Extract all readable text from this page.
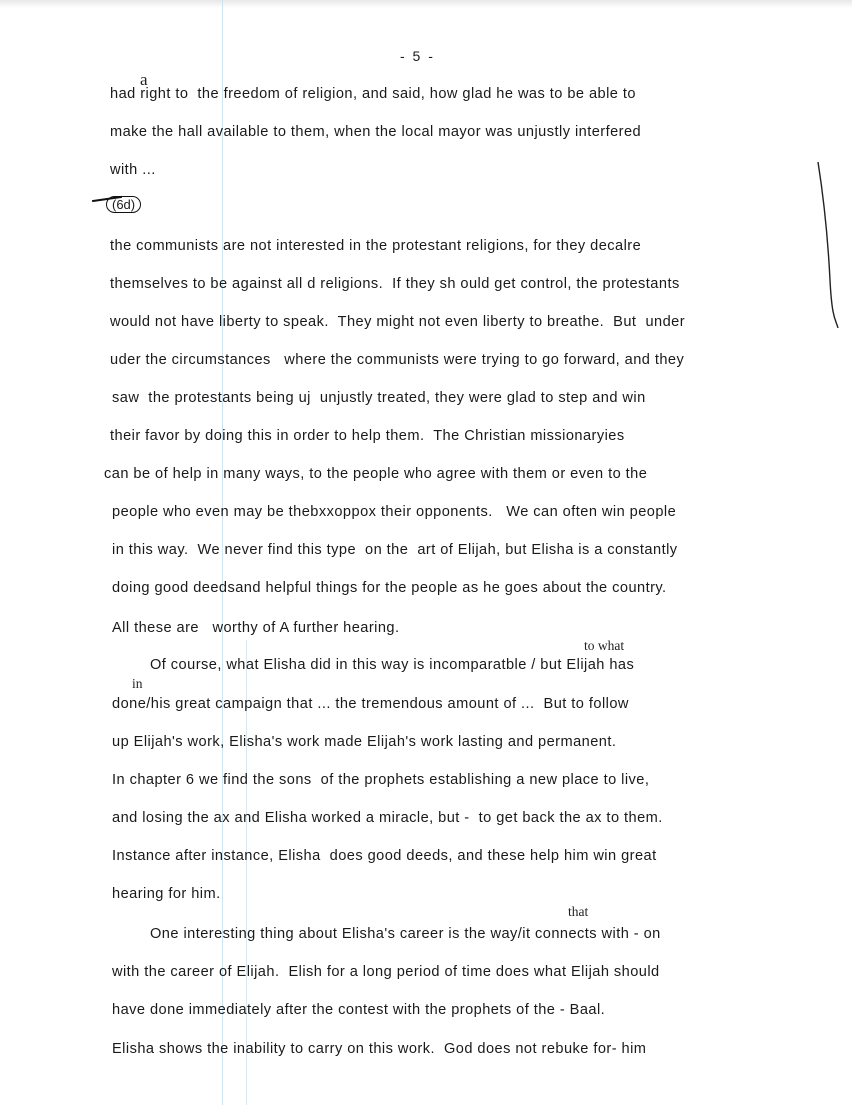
- 5 -
a
to what
in
that
(6d)
had right to  the freedom of religion, and said, how glad he was to be able to
make the hall available to them, when the local mayor was unjustly interfered
with ...
the communists are not interested in the protestant religions, for they decalre
themselves to be against all d religions.  If they sh ould get control, the protestants
would not have liberty to speak.  They might not even liberty to breathe.  But  under
uder the circumstances   where the communists were trying to go forward, and they
saw  the protestants being uj  unjustly treated, they were glad to step and win
their favor by doing this in order to help them.  The Christian missionaryies
can be of help in many ways, to the people who agree with them or even to the
people who even may be thebxxoppox their opponents.   We can often win people
in this way.  We never find this type  on the  art of Elijah, but Elisha is a constantly
doing good deedsand helpful things for the people as he goes about the country.
All these are   worthy of A further hearing.
Of course, what Elisha did in this way is incomparatble / but Elijah has
done/his great campaign that ... the tremendous amount of ...  But to follow
up Elijah's work, Elisha's work made Elijah's work lasting and permanent.
In chapter 6 we find the sons  of the prophets establishing a new place to live,
and losing the ax and Elisha worked a miracle, but -  to get back the ax to them.
Instance after instance, Elisha  does good deeds, and these help him win great
hearing for him.
One interesting thing about Elisha's career is the way/it connects with - on
with the career of Elijah.  Elish for a long period of time does what Elijah should
have done immediately after the contest with the prophets of the - Baal.
Elisha shows the inability to carry on this work.  God does not rebuke for- him
